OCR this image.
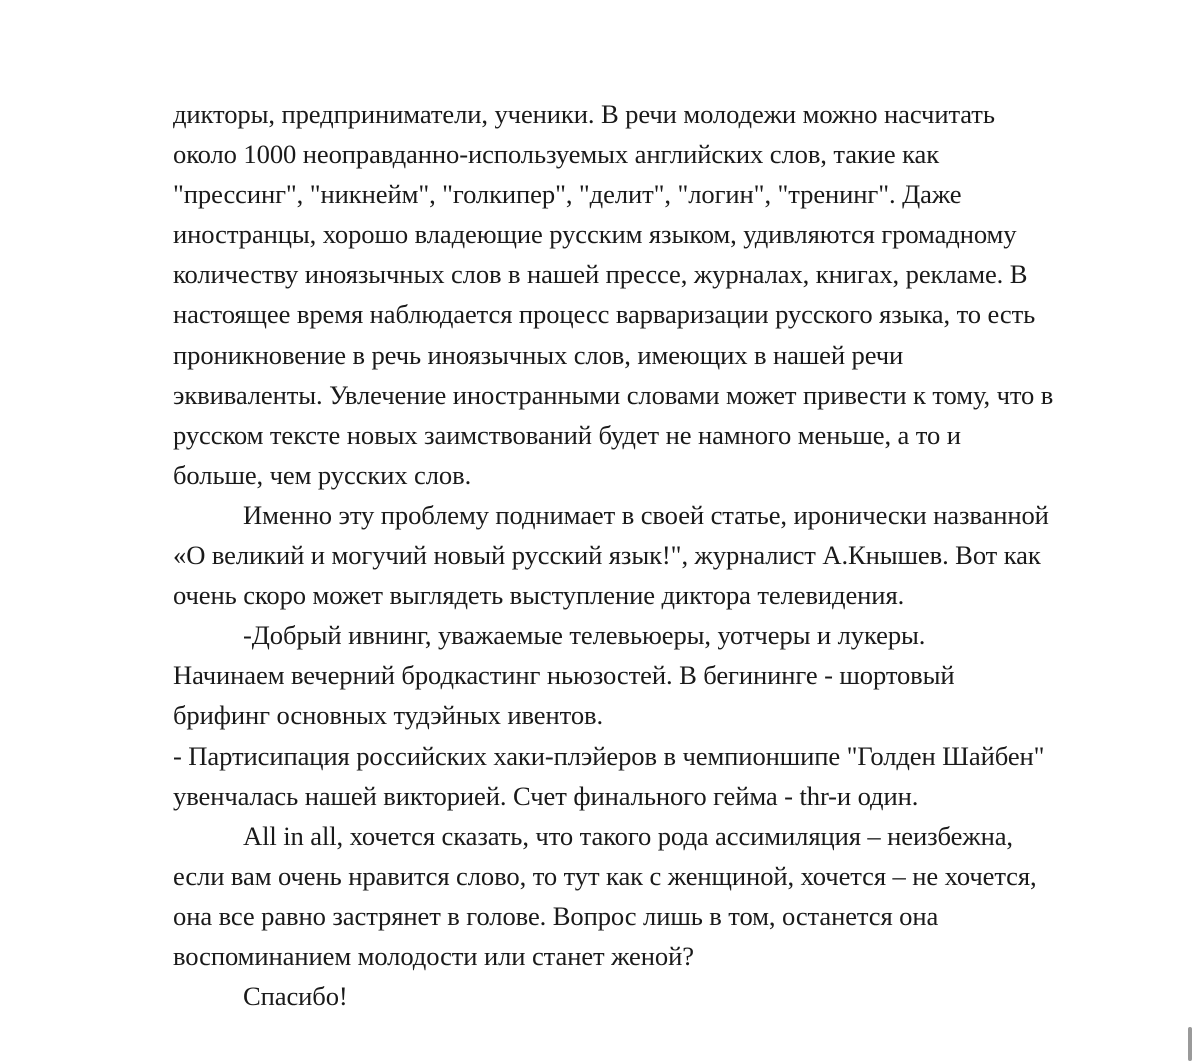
дикторы, предприниматели, ученики. В речи молодежи можно насчитать
около 1000 неоправданно-используемых английских слов, такие как
"прессинг", "никнейм", "голкипер", "делит", "логин", "тренинг". Даже
иностранцы, хорошо владеющие русским языком, удивляются громадному
количеству иноязычных слов в нашей прессе, журналах, книгах, рекламе. В
настоящее время наблюдается процесс варваризации русского языка, то есть
проникновение в речь иноязычных слов, имеющих в нашей речи
эквиваленты. Увлечение иностранными словами может привести к тому, что в
русском тексте новых заимствований будет не намного меньше, а то и
больше, чем русских слов.
Именно эту проблему поднимает в своей статье, иронически названной
«О великий и могучий новый русский язык!", журналист А.Кнышев. Вот как
очень скоро может выглядеть выступление диктора телевидения.
-Добрый ивнинг, уважаемые телевьюеры, уотчеры и лукеры.
Начинаем вечерний бродкастинг ньюзостей. В бегининге - шортовый
брифинг основных тудэйных ивентов.
- Партисипация российских хаки-плэйеров в чемпионшипе "Голден Шайбен"
увенчалась нашей викторией. Счет финального гейма - thr-и один.
All in all, хочется сказать, что такого рода ассимиляция – неизбежна,
если вам очень нравится слово, то тут как с женщиной, хочется – не хочется,
она все равно застрянет в голове. Вопрос лишь в том, останется она
воспоминанием молодости или станет женой?
Спасибо!
